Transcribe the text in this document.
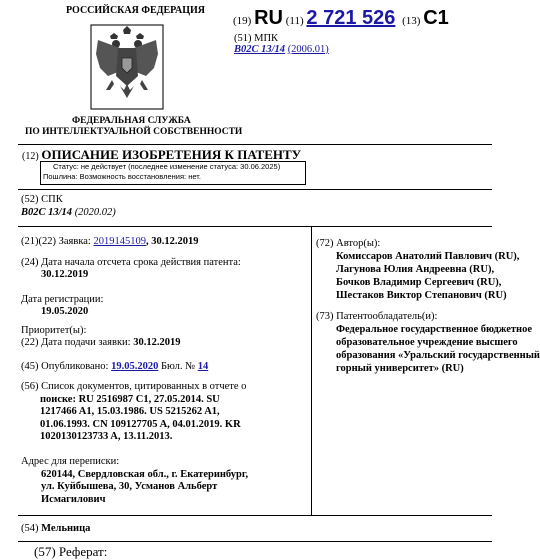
РОССИЙСКАЯ ФЕДЕРАЦИЯ
ФЕДЕРАЛЬНАЯ СЛУЖБА
ПО ИНТЕЛЛЕКТУАЛЬНОЙ СОБСТВЕННОСТИ
(19) RU (11) 2 721 526 (13) C1
(51) МПК
B02C 13/14 (2006.01)
(12) ОПИСАНИЕ ИЗОБРЕТЕНИЯ К ПАТЕНТУ
Статус: не действует (последнее изменение статуса: 30.06.2025)
Пошлина: Возможность восстановления: нет.
(52) СПК
B02C 13/14 (2020.02)
(21)(22) Заявка: 2019145109, 30.12.2019
(24) Дата начала отсчета срока действия патента:
30.12.2019
Дата регистрации:
19.05.2020
Приоритет(ы):
(22) Дата подачи заявки: 30.12.2019
(45) Опубликовано: 19.05.2020 Бюл. № 14
(56) Список документов, цитированных в отчете о
поиске: RU 2516987 C1, 27.05.2014. SU
1217466 A1, 15.03.1986. US 5215262 A1,
01.06.1993. CN 109127705 A, 04.01.2019. KR
1020130123733 A, 13.11.2013.
Адрес для переписки:
620144, Свердловская обл., г. Екатеринбург,
ул. Куйбышева, 30, Усманов Альберт
Исмагилович
(72) Автор(ы):
Комиссаров Анатолий Павлович (RU),
Лагунова Юлия Андреевна (RU),
Бочков Владимир Сергеевич (RU),
Шестаков Виктор Степанович (RU)
(73) Патентообладатель(и):
Федеральное государственное бюджетное
образовательное учреждение высшего
образования «Уральский государственный
горный университет» (RU)
(54) Мельница
(57) Реферат:
